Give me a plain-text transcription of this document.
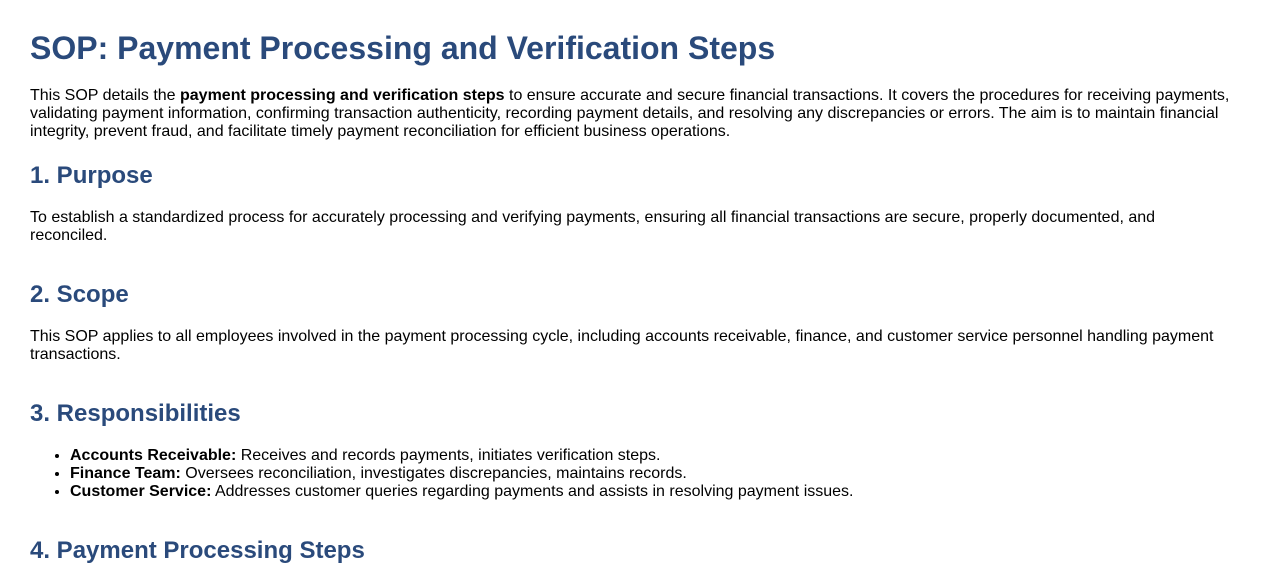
SOP: Payment Processing and Verification Steps

This SOP details the payment processing and verification steps to ensure accurate and secure financial transactions. It covers the procedures for receiving payments, validating payment information, confirming transaction authenticity, recording payment details, and resolving any discrepancies or errors. The aim is to maintain financial integrity, prevent fraud, and facilitate timely payment reconciliation for efficient business operations.

1. Purpose

To establish a standardized process for accurately processing and verifying payments, ensuring all financial transactions are secure, properly documented, and reconciled.

2. Scope

This SOP applies to all employees involved in the payment processing cycle, including accounts receivable, finance, and customer service personnel handling payment transactions.

3. Responsibilities
• Accounts Receivable: Receives and records payments, initiates verification steps.
• Finance Team: Oversees reconciliation, investigates discrepancies, maintains records.
• Customer Service: Addresses customer queries regarding payments and assists in resolving payment issues.
4. Payment Processing Steps
